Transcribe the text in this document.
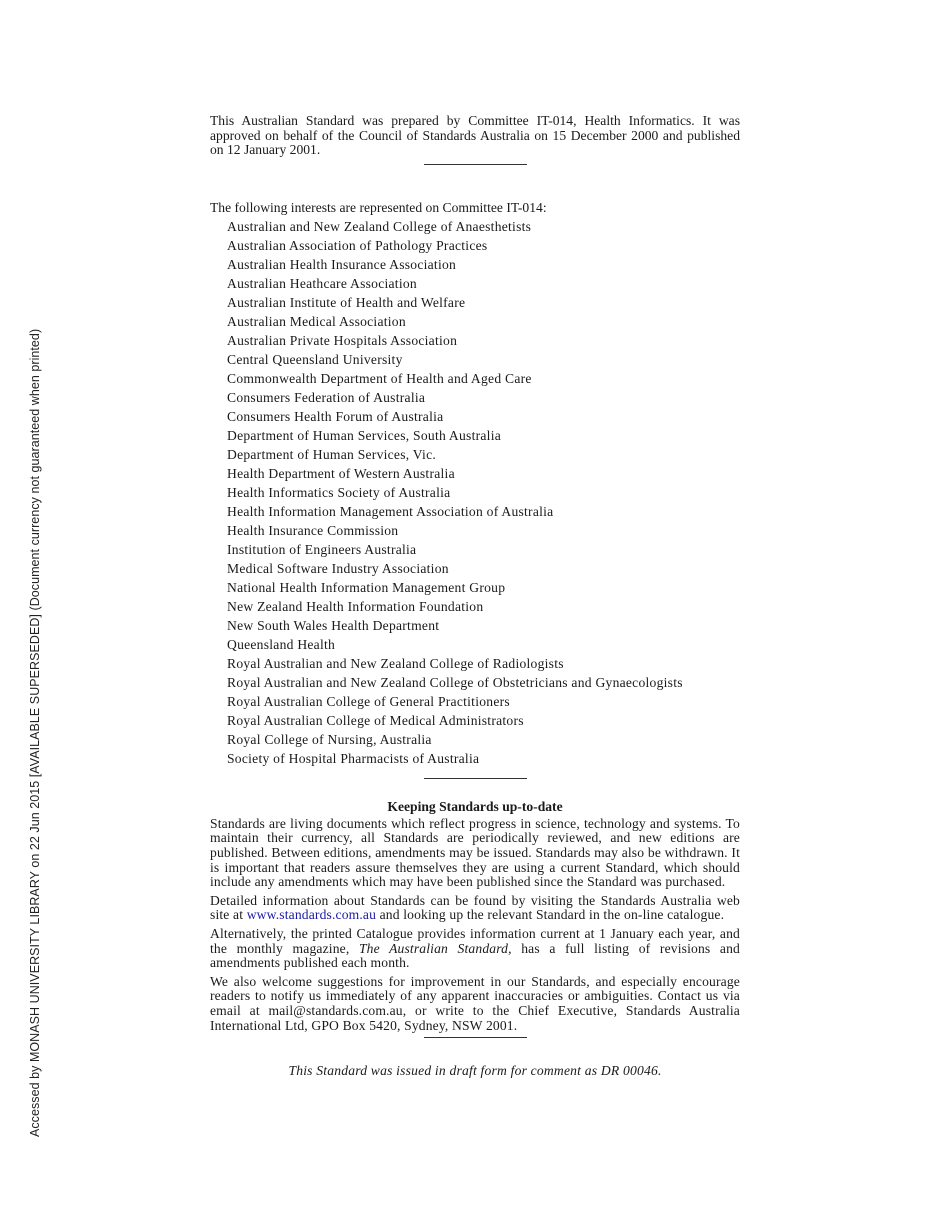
Accessed by MONASH UNIVERSITY LIBRARY on 22 Jun 2015 [AVAILABLE SUPERSEDED] (Document currency not guaranteed when printed)

This Australian Standard was prepared by Committee IT-014, Health Informatics. It was approved on behalf of the Council of Standards Australia on 15 December 2000 and published on 12 January 2001.

The following interests are represented on Committee IT-014:

Australian and New Zealand College of Anaesthetists
Australian Association of Pathology Practices
Australian Health Insurance Association
Australian Heathcare Association
Australian Institute of Health and Welfare
Australian Medical Association
Australian Private Hospitals Association
Central Queensland University
Commonwealth Department of Health and Aged Care
Consumers Federation of Australia
Consumers Health Forum of Australia
Department of Human Services, South Australia
Department of Human Services, Vic.
Health Department of Western Australia
Health Informatics Society of Australia
Health Information Management Association of Australia
Health Insurance Commission
Institution of Engineers Australia
Medical Software Industry Association
National Health Information Management Group
New Zealand Health Information Foundation
New South Wales Health Department
Queensland Health
Royal Australian and New Zealand College of Radiologists
Royal Australian and New Zealand College of Obstetricians and Gynaecologists
Royal Australian College of General Practitioners
Royal Australian College of Medical Administrators
Royal College of Nursing, Australia
Society of Hospital Pharmacists of Australia
Keeping Standards up-to-date

Standards are living documents which reflect progress in science, technology and systems. To maintain their currency, all Standards are periodically reviewed, and new editions are published. Between editions, amendments may be issued. Standards may also be withdrawn. It is important that readers assure themselves they are using a current Standard, which should include any amendments which may have been published since the Standard was purchased.

Detailed information about Standards can be found by visiting the Standards Australia web site at www.standards.com.au and looking up the relevant Standard in the on-line catalogue.

Alternatively, the printed Catalogue provides information current at 1 January each year, and the monthly magazine, The Australian Standard, has a full listing of revisions and amendments published each month.

We also welcome suggestions for improvement in our Standards, and especially encourage readers to notify us immediately of any apparent inaccuracies or ambiguities. Contact us via email at mail@standards.com.au, or write to the Chief Executive, Standards Australia International Ltd, GPO Box 5420, Sydney, NSW 2001.

This Standard was issued in draft form for comment as DR 00046.
